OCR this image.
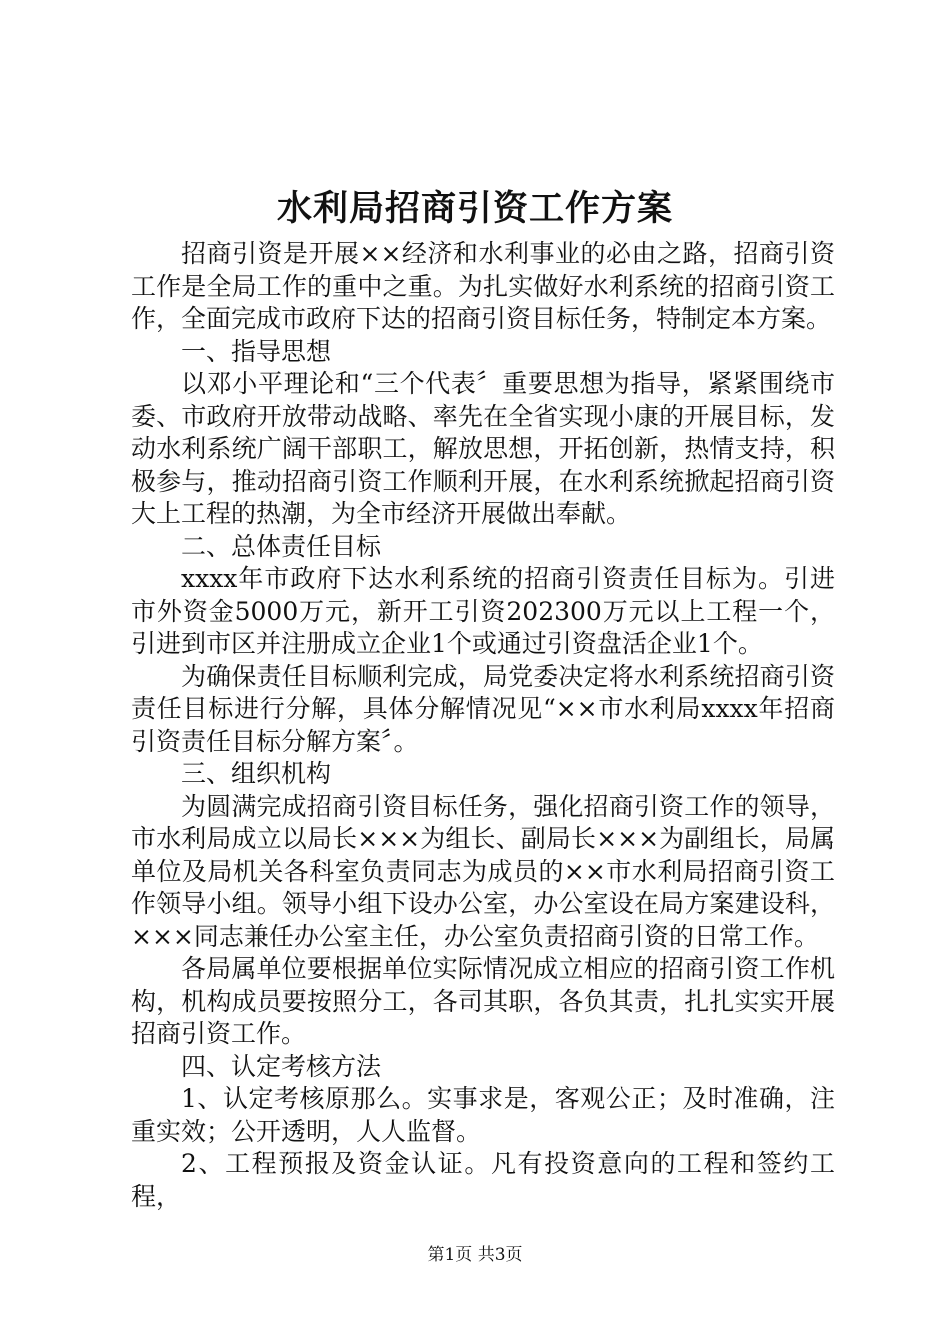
水利局招商引资工作方案

招商引资是开展××经济和水利事业的必由之路，招商引资工作是全局工作的重中之重。为扎实做好水利系统的招商引资工作，全面完成市政府下达的招商引资目标任务，特制定本方案。

一、指导思想

以邓小平理论和“三个代表〞重要思想为指导，紧紧围绕市委、市政府开放带动战略、率先在全省实现小康的开展目标，发动水利系统广阔干部职工，解放思想，开拓创新，热情支持，积极参与，推动招商引资工作顺利开展，在水利系统掀起招商引资大上工程的热潮，为全市经济开展做出奉献。

二、总体责任目标

xxxx年市政府下达水利系统的招商引资责任目标为。引进市外资金5000万元，新开工引资202300万元以上工程一个，引进到市区并注册成立企业1个或通过引资盘活企业1个。

为确保责任目标顺利完成，局党委决定将水利系统招商引资责任目标进行分解，具体分解情况见“××市水利局xxxx年招商引资责任目标分解方案〞。

三、组织机构

为圆满完成招商引资目标任务，强化招商引资工作的领导，市水利局成立以局长×××为组长、副局长×××为副组长，局属单位及局机关各科室负责同志为成员的××市水利局招商引资工作领导小组。领导小组下设办公室，办公室设在局方案建设科，×××同志兼任办公室主任，办公室负责招商引资的日常工作。

各局属单位要根据单位实际情况成立相应的招商引资工作机构，机构成员要按照分工，各司其职，各负其责，扎扎实实开展招商引资工作。

四、认定考核方法

1、认定考核原那么。实事求是，客观公正；及时准确，注重实效；公开透明，人人监督。

2、工程预报及资金认证。凡有投资意向的工程和签约工程，

第1页 共3页
